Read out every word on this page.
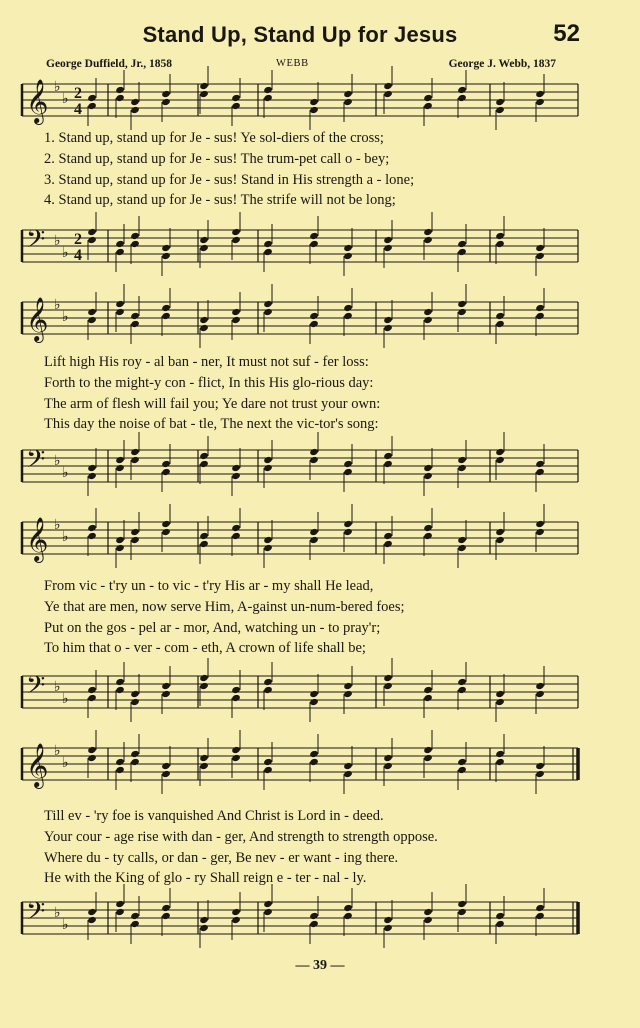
Stand Up, Stand Up for Jesus	52
George Duffield, Jr., 1858	WEBB	George J. Webb, 1837
𝄞 ♭
♭ 2
4
1. Stand up, stand up for Je - sus! Ye sol-diers of the cross;
2. Stand up, stand up for Je - sus! The trum-pet call o - bey;
3. Stand up, stand up for Je - sus! Stand in His strength a - lone;
4. Stand up, stand up for Je - sus! The strife will not be long;
𝄢 ♭
♭
2
4
𝄞 ♭
♭
Lift high His roy - al ban - ner, It must not suf - fer loss:
Forth to the might-y con - flict, In this His glo-rious day:
The arm of flesh will fail you; Ye dare not trust your own:
This day the noise of bat - tle, The next the vic-tor's song:
𝄢 ♭
♭
𝄞 ♭
♭
From vic - t'ry un - to vic - t'ry His ar - my shall He lead,
Ye that are men, now serve Him, A-gainst un-num-bered foes;
Put on the gos - pel ar - mor, And, watching un - to pray'r;
To him that o - ver - com - eth, A crown of life shall be;
𝄢 ♭
♭
𝄞 ♭
♭
Till ev - 'ry foe is vanquished And Christ is Lord in - deed.
Your cour - age rise with dan - ger, And strength to strength oppose.
Where du - ty calls, or dan - ger, Be nev - er want - ing there.
He with the King of glo - ry Shall reign e - ter - nal - ly.
𝄢 ♭
♭
— 39 —
